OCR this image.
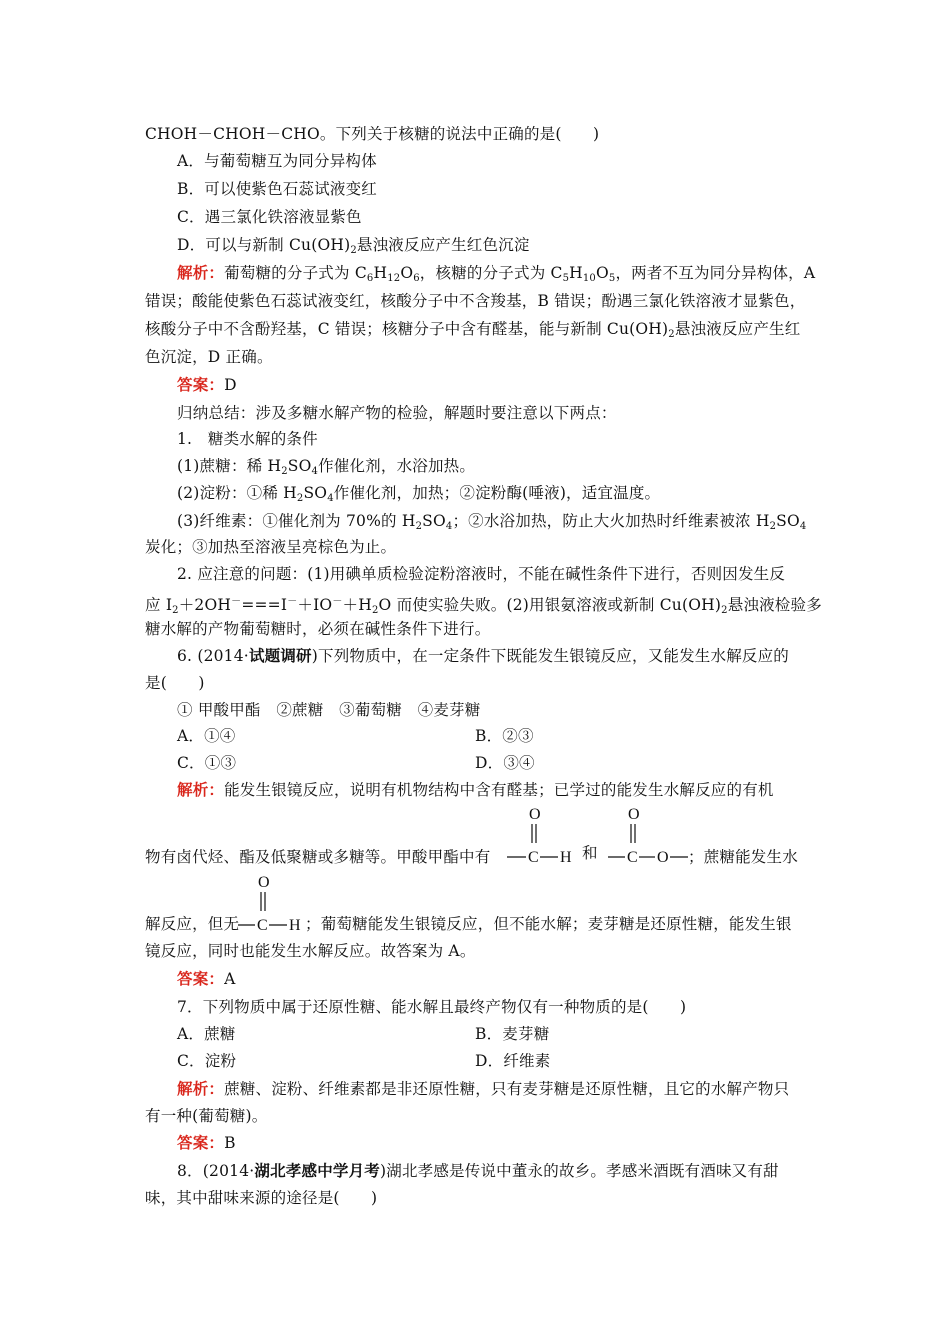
CHOH－CHOH－CHO。下列关于核糖的说法中正确的是(　　)
A．与葡萄糖互为同分异构体
B．可以使紫色石蕊试液变红
C．遇三氯化铁溶液显紫色
D．可以与新制 $Cu(OH)_2$悬浊液反应产生红色沉淀
解析：葡萄糖的分子式为 $C_6H_{12}O_6$，核糖的分子式为 $C_5H_{10}O_5$，两者不互为同分异构体，A
错误；酸能使紫色石蕊试液变红，核酸分子中不含羧基，B 错误；酚遇三氯化铁溶液才显紫色，
核酸分子中不含酚羟基，C 错误；核糖分子中含有醛基，能与新制 $Cu(OH)_2$悬浊液反应产生红
色沉淀，D 正确。
答案：D
归纳总结：涉及多糖水解产物的检验，解题时要注意以下两点：
1.　糖类水解的条件
(1)蔗糖：稀 $H_2SO_4$作催化剂，水浴加热。
(2)淀粉：①稀 $H_2SO_4$作催化剂，加热；②淀粉酶(唾液)，适宜温度。
(3)纤维素：①催化剂为 70%的 $H_2SO_4$；②水浴加热，防止大火加热时纤维素被浓 $H_2SO_4$
炭化；③加热至溶液呈亮棕色为止。
2. 应注意的问题：(1)用碘单质检验淀粉溶液时，不能在碱性条件下进行，否则因发生反
应 $I_2+2OH^-===I^-+IO^-+H_2O$ 而使实验失败。(2)用银氨溶液或新制 $Cu(OH)_2$悬浊液检验多
糖水解的产物葡萄糖时，必须在碱性条件下进行。
6. (2014·试题调研)下列物质中，在一定条件下既能发生银镜反应，又能发生水解反应的
是(　　)
① 甲酸甲酯　②蔗糖　③葡萄糖　④麦芽糖
A．①④	B．②③
C．①③	D．③④
解析：能发生银镜反应，说明有机物结构中含有醛基；已学过的能发生水解反应的有机
物有卤代烃、酯及低聚糖或多糖等。甲酸甲酯中有
O
C H 和
O
C O ；蔗糖能发生水
O
C H
解反应，但无	；葡萄糖能发生银镜反应，但不能水解；麦芽糖是还原性糖，能发生银
镜反应，同时也能发生水解反应。故答案为 A。
答案：A
7．下列物质中属于还原性糖、能水解且最终产物仅有一种物质的是(　　)
A．蔗糖	B．麦芽糖
C．淀粉	D．纤维素
解析：蔗糖、淀粉、纤维素都是非还原性糖，只有麦芽糖是还原性糖，且它的水解产物只
有一种(葡萄糖)。
答案：B
8．(2014·湖北孝感中学月考)湖北孝感是传说中董永的故乡。孝感米酒既有酒味又有甜
味，其中甜味来源的途径是(　　)
